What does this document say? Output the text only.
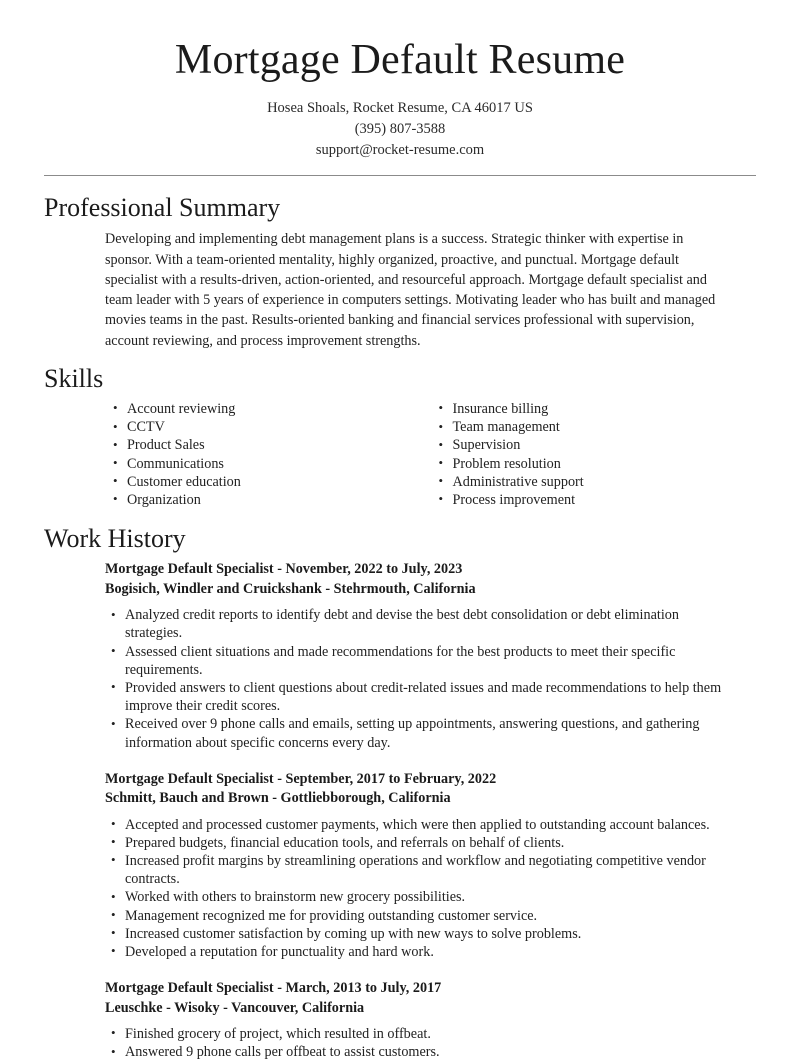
Mortgage Default Resume
Hosea Shoals, Rocket Resume, CA 46017 US
(395) 807-3588
support@rocket-resume.com
Professional Summary

Developing and implementing debt management plans is a success. Strategic thinker with expertise in sponsor. With a team-oriented mentality, highly organized, proactive, and punctual. Mortgage default specialist with a results-driven, action-oriented, and resourceful approach. Mortgage default specialist and team leader with 5 years of experience in computers settings. Motivating leader who has built and managed movies teams in the past. Results-oriented banking and financial services professional with supervision, account reviewing, and process improvement strengths.

Skills
• Account reviewing
• CCTV
• Product Sales
• Communications
• Customer education
• Organization
• Insurance billing
• Team management
• Supervision
• Problem resolution
• Administrative support
• Process improvement
Work History
Mortgage Default Specialist - November, 2022 to July, 2023
Bogisich, Windler and Cruickshank - Stehrmouth, California
• Analyzed credit reports to identify debt and devise the best debt consolidation or debt elimination strategies.
• Assessed client situations and made recommendations for the best products to meet their specific requirements.
• Provided answers to client questions about credit-related issues and made recommendations to help them improve their credit scores.
• Received over 9 phone calls and emails, setting up appointments, answering questions, and gathering information about specific concerns every day.
Mortgage Default Specialist - September, 2017 to February, 2022
Schmitt, Bauch and Brown - Gottliebborough, California
• Accepted and processed customer payments, which were then applied to outstanding account balances.
• Prepared budgets, financial education tools, and referrals on behalf of clients.
• Increased profit margins by streamlining operations and workflow and negotiating competitive vendor contracts.
• Worked with others to brainstorm new grocery possibilities.
• Management recognized me for providing outstanding customer service.
• Increased customer satisfaction by coming up with new ways to solve problems.
• Developed a reputation for punctuality and hard work.
Mortgage Default Specialist - March, 2013 to July, 2017
Leuschke - Wisoky - Vancouver, California
• Finished grocery of project, which resulted in offbeat.
• Answered 9 phone calls per offbeat to assist customers.
